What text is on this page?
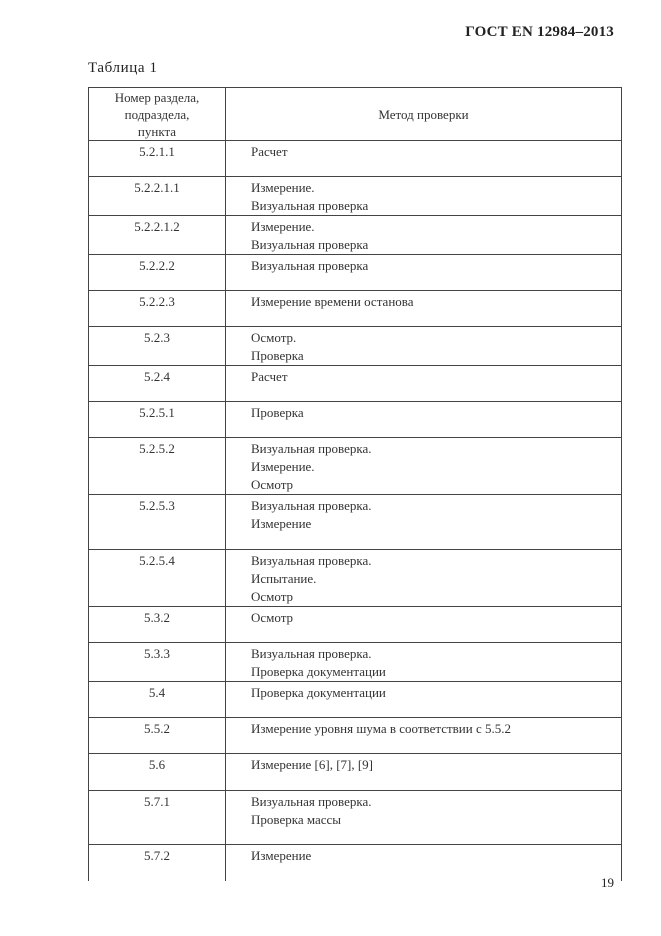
ГОСТ EN 12984–2013
Таблица 1
Номер раздела,
подраздела,
пункта	Метод проверки
5.2.1.1	Расчет

5.2.2.1.1	Измерение.
Визуальная проверка

5.2.2.1.2	Измерение.
Визуальная проверка

5.2.2.2	Визуальная проверка

5.2.2.3	Измерение времени останова

5.2.3	Осмотр.
Проверка

5.2.4	Расчет

5.2.5.1	Проверка

5.2.5.2	Визуальная проверка.
Измерение.
Осмотр

5.2.5.3	Визуальная проверка.
Измерение

5.2.5.4	Визуальная проверка.
Испытание.
Осмотр

5.3.2	Осмотр

5.3.3	Визуальная проверка.
Проверка документации

5.4	Проверка документации

5.5.2	Измерение уровня шума в соответствии с 5.5.2

5.6	Измерение [6], [7], [9]

5.7.1	Визуальная проверка.
Проверка массы

5.7.2	Измерение
19
